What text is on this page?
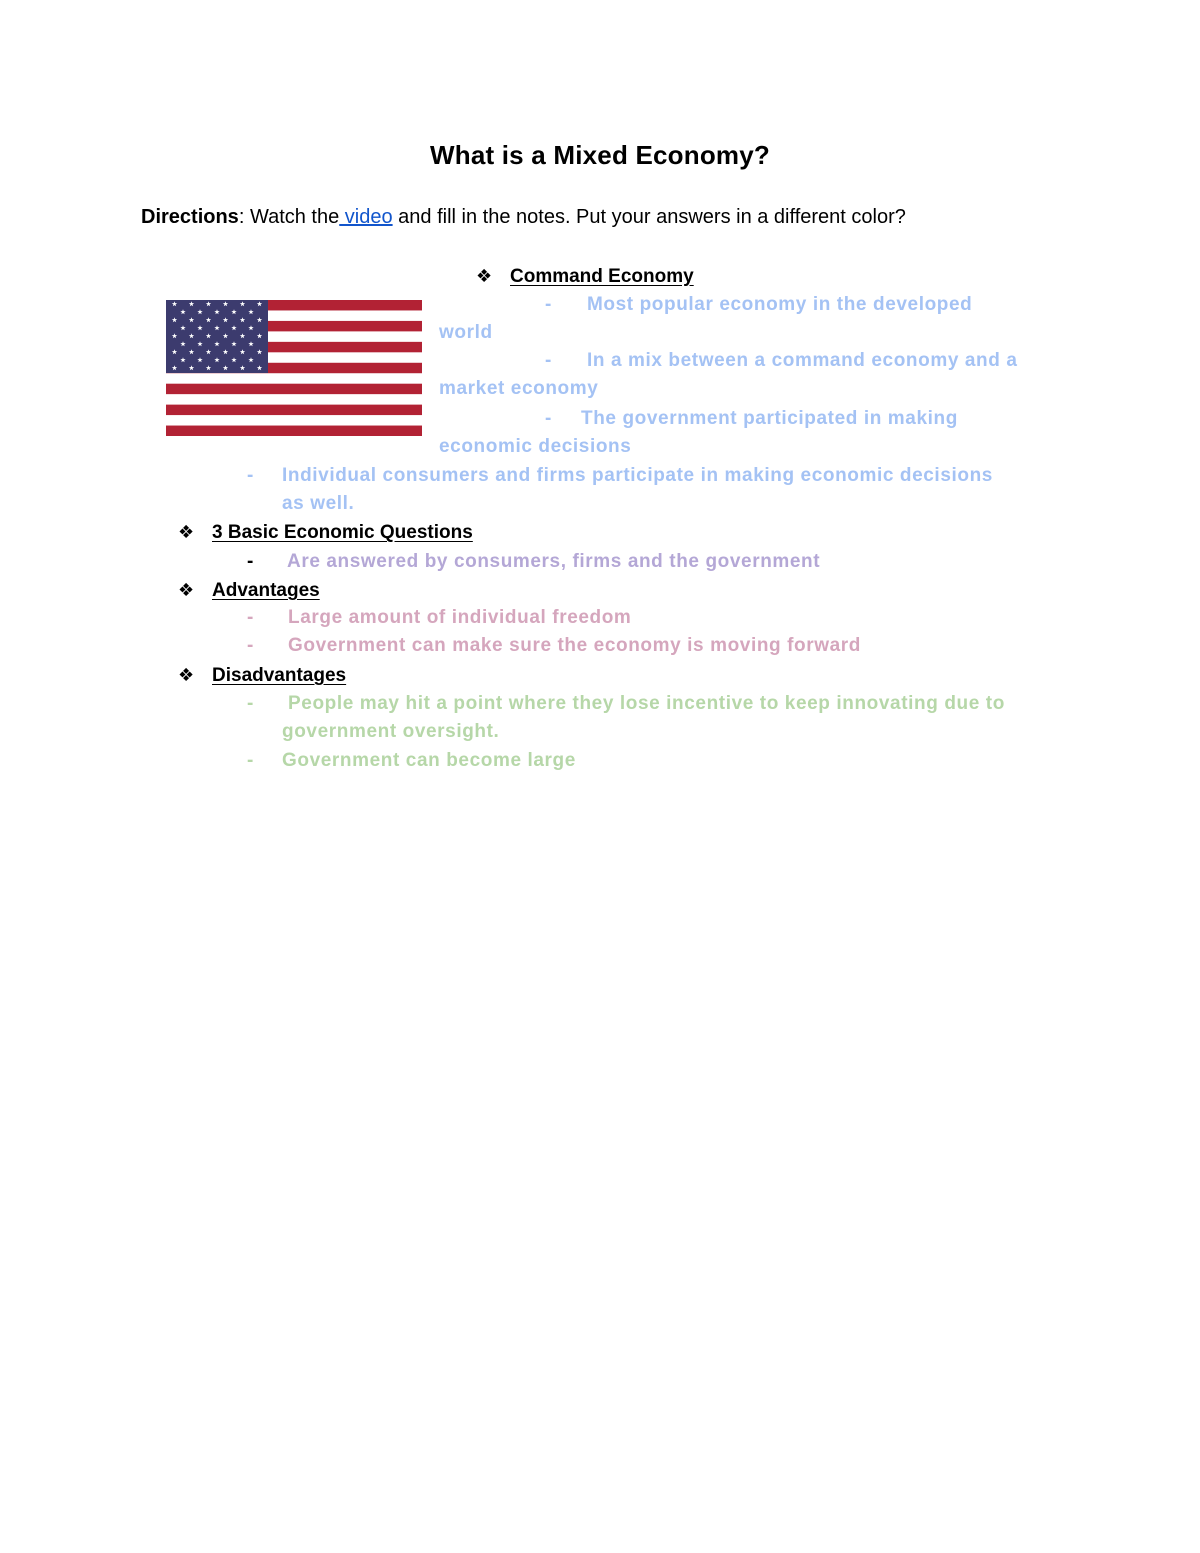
What is a Mixed Economy?
Directions: Watch the video and fill in the notes. Put your answers in a different color?
❖ Command Economy
- Most popular economy in the developed
world
- In a mix between a command economy and a
market economy
- The government participated in making
economic decisions
- Individual consumers and firms participate in making economic decisions
as well.
❖ 3 Basic Economic Questions
- Are answered by consumers, firms and the government
❖ Advantages
- Large amount of individual freedom
- Government can make sure the economy is moving forward
❖ Disadvantages
- People may hit a point where they lose incentive to keep innovating due to
government oversight.
- Government can become large
